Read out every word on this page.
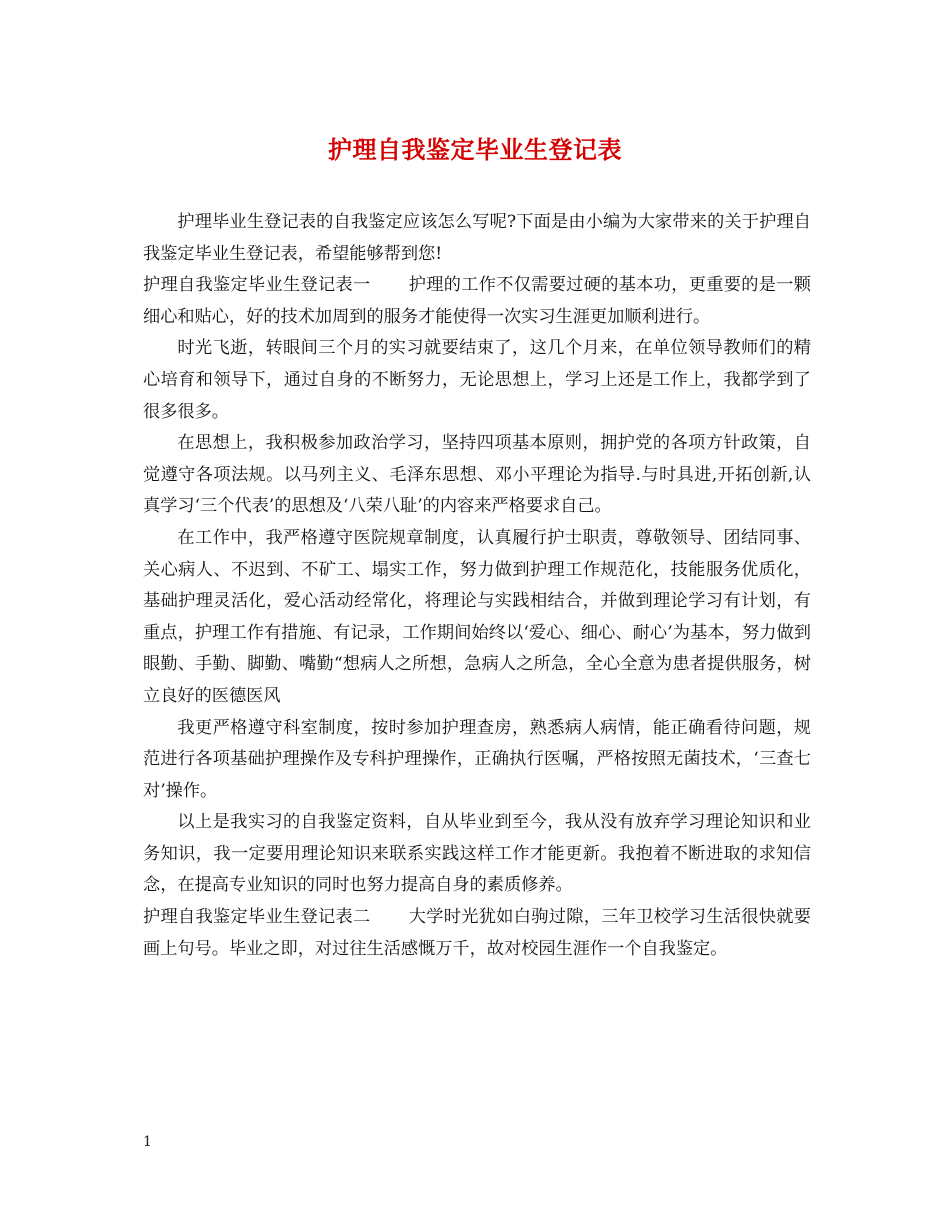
护理自我鉴定毕业生登记表

护理毕业生登记表的自我鉴定应该怎么写呢?下面是由小编为大家带来的关于护理自我鉴定毕业生登记表，希望能够帮到您!

护理自我鉴定毕业生登记表一 护理的工作不仅需要过硬的基本功，更重要的是一颗细心和贴心，好的技术加周到的服务才能使得一次实习生涯更加顺利进行。

时光飞逝，转眼间三个月的实习就要结束了，这几个月来，在单位领导教师们的精心培育和领导下，通过自身的不断努力，无论思想上，学习上还是工作上，我都学到了很多很多。

在思想上，我积极参加政治学习，坚持四项基本原则，拥护党的各项方针政策，自觉遵守各项法规。以马列主义、毛泽东思想、邓小平理论为指导.与时具进,开拓创新,认真学习‘三个代表’的思想及‘八荣八耻’的内容来严格要求自己。

在工作中，我严格遵守医院规章制度，认真履行护士职责，尊敬领导、团结同事、关心病人、不迟到、不矿工、塌实工作，努力做到护理工作规范化，技能服务优质化，基础护理灵活化，爱心活动经常化，将理论与实践相结合，并做到理论学习有计划，有重点，护理工作有措施、有记录，工作期间始终以‘爱心、细心、耐心’为基本，努力做到眼勤、手勤、脚勤、嘴勤“想病人之所想，急病人之所急，全心全意为患者提供服务，树立良好的医德医风

我更严格遵守科室制度，按时参加护理查房，熟悉病人病情，能正确看待问题，规范进行各项基础护理操作及专科护理操作，正确执行医嘱，严格按照无菌技术，‘三查七对’操作。

以上是我实习的自我鉴定资料，自从毕业到至今，我从没有放弃学习理论知识和业务知识，我一定要用理论知识来联系实践这样工作才能更新。我抱着不断进取的求知信念，在提高专业知识的同时也努力提高自身的素质修养。

护理自我鉴定毕业生登记表二 大学时光犹如白驹过隙，三年卫校学习生活很快就要画上句号。毕业之即，对过往生活感慨万千，故对校园生涯作一个自我鉴定。

1
